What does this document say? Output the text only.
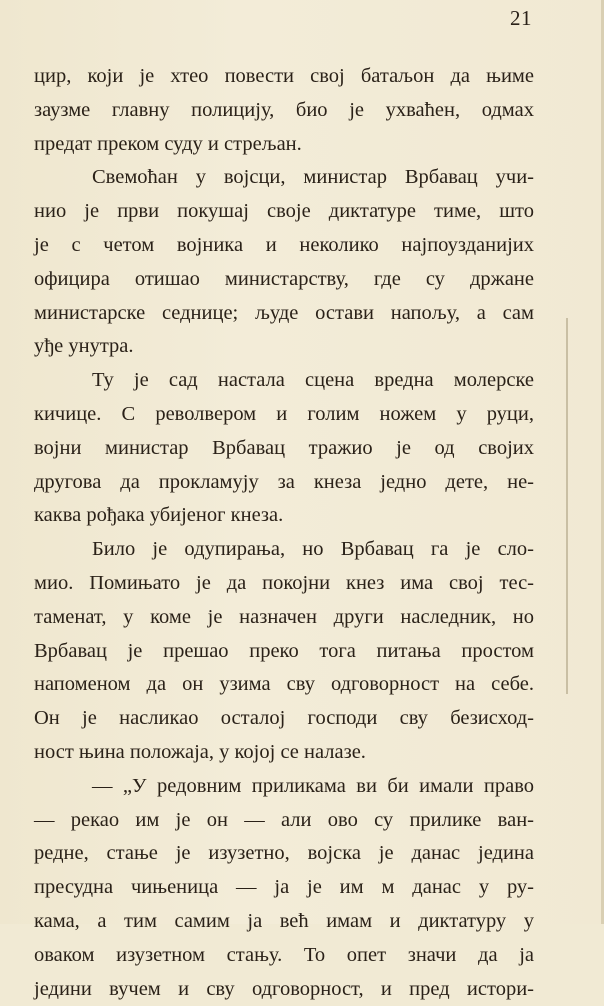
21

цир, који је хтео повести свој батаљон да њиме
заузме главну полицију, био је ухваћен, одмах
предат преком суду и стрељан.
Свемоћан у војсци, министар Врбавац учи-
нио је први покушај своје диктатуре тиме, што
је с четом војника и неколико најпоузданијих
официра отишао министарству, где су држане
министарске седнице; људе остави напољу, а сам
уђе унутра.
Ту је сад настала сцена вредна молерске
кичице. С револвером и голим ножем у руци,
војни министар Врбавац тражио је од својих
другова да прокламују за кнеза једно дете, не-
каква рођака убијеног кнеза.
Било је одупирања, но Врбавац га је сло-
мио. Помињато је да покојни кнез има свој тес-
таменат, у коме је назначен други наследник, но
Врбавац је прешао преко тога питања простом
напоменом да он узима сву одговорност на себе.
Он је насликао осталој господи сву безисход-
ност њина положаја, у којој се налазе.
— „У редовним приликама ви би имали право
— рекао им је он — али ово су прилике ван-
редне, стање је изузетно, војска је данас једина
пресудна чињеница — ја је им м данас у ру-
кама, а тим самим ја већ имам и диктатуру у
оваком изузетном стању. То опет значи да ја
једини вучем и сву одговорност, и пред истори-
